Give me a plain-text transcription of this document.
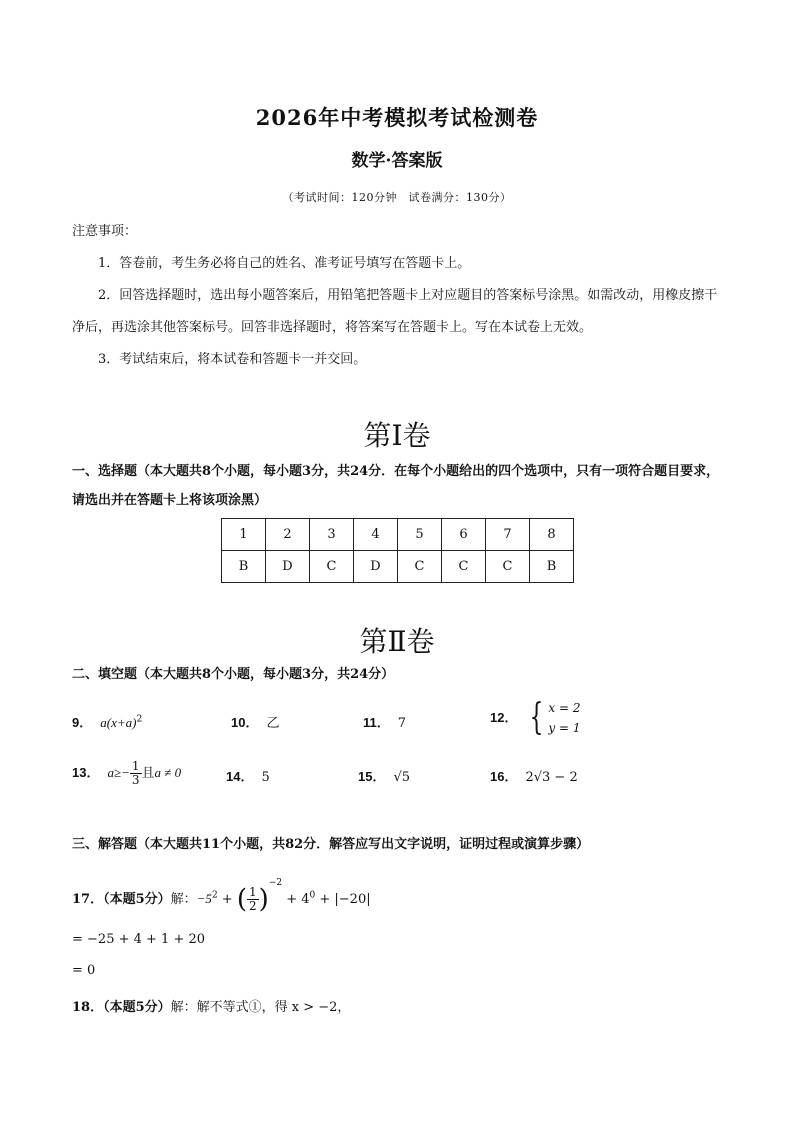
2026年中考模拟考试检测卷
数学·答案版
（考试时间：120分钟　试卷满分：130分）
注意事项：
1．答卷前，考生务必将自己的姓名、准考证号填写在答题卡上。
2．回答选择题时，选出每小题答案后，用铅笔把答题卡上对应题目的答案标号涂黑。如需改动，用橡皮擦干净后，再选涂其他答案标号。回答非选择题时，将答案写在答题卡上。写在本试卷上无效。
3．考试结束后，将本试卷和答题卡一并交回。
第Ⅰ卷
一、选择题（本大题共8个小题，每小题3分，共24分．在每个小题给出的四个选项中，只有一项符合题目要求，请选出并在答题卡上将该项涂黑）
1	2	3	4	5	6	7	8
B	D	C	D	C	C	C	B
第Ⅱ卷
二、填空题（本大题共8个小题，每小题3分，共24分）
9． $a(x+a)^2$	10． 乙	11． 7	12． { x = 2
y = 1
13． $a\ge- \frac{1}{3}$ 且a ≠ 0	14． 5	15． √5	16． 2√3 − 2
三、解答题（本大题共11个小题，共82分．解答应写出文字说明，证明过程或演算步骤）
17．（本题5分）解：$-5^2$ + ( $\frac{1}{2} )^{-2} + 4^0 + |-20|$
= −25 + 4 + 1 + 20
= 0
18．（本题5分）解：解不等式①，得 x > −2，
